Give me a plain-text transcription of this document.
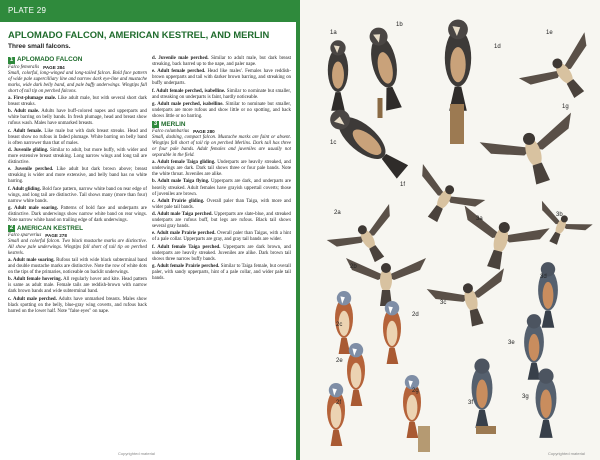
PLATE 29
APLOMADO FALCON, AMERICAN KESTREL, AND MERLIN
Three small falcons.
1 APLOMADO FALCON
Falco femoralis PAGE 284

Small, colorful, long-winged and long-tailed falcon. Bold face pattern of wide pale supercilliary line and narrow dark eye-line and mustache marks, wide dark belly band, and pale buffy underwings. Wingtips fall short of tail tip on perched falcons.

a. First-plumage male. Like adult male, but with several short dark breast streaks.

b. Adult male. Adults have buff-colored napes and upperparts and white barring on belly bands. In fresh plumage, head and breast show rufous wash. Males have unmarked breasts.

c. Adult female. Like male but with dark breast streaks. Head and breast show no rufous in faded plumage. White barring on belly band is often narrower than that of males.

d. Juvenile gliding. Similar to adult, but more buffy, with wider and more extensive breast streaking. Long narrow wings and long tail are distinctive.

e. Juvenile perched. Like adult but dark brown above; breast streaking is wider and more extensive, and belly band has no white barring.

f. Adult gliding. Bold face pattern, narrow white band on rear edge of wings, and long tail are distinctive. Tail shows many (more than four) narrow white bands.

g. Adult male soaring. Patterns of bold face and underparts are distinctive. Dark underwings show narrow white band on rear wings. Note narrow white band on trailing edge of dark underwings.

2 AMERICAN KESTREL
Falco sparverius PAGE 278

Small and colorful falcon. Two black mustache marks are distinctive. All show pale underwings. Wingtips fall short of tail tip on perched kestrels.

a. Adult male soaring. Rufous tail with wide black subterminal band and double mustache marks are distinctive. Note the row of white dots on the tips of the primaries, noticeable on backlit underwings.

b. Adult female hovering. All regularly hover and kite. Head pattern is same as adult male. Female tails are reddish-brown with narrow dark brown bands and wide subterminal band.

c. Adult male perched. Adults have unmarked breasts. Males show black spotting on the belly, blue-gray wing coverts, and rufous back barred on the lower half. Note "false eyes" on nape.

d. Juvenile male perched. Similar to adult male, but dark breast streaking, back barred up to the nape, and paler nape.

e. Adult female perched. Head like males'. Females have reddish-brown upperparts and tail with darker brown barring, and streaking on buffy underparts.

f. Adult female perched, isabelline. Similar to nominate but smaller, and streaking on underparts is faint, hardly noticeable.

g. Adult male perched, isabelline. Similar to nominate but smaller, underparts are more rufous and show little or no spotting, and back shows little or no barring.

3 MERLIN
Falco columbarius PAGE 280

Small, dashing, compact falcon. Mustache marks are faint or absent. Wingtips fall short of tail tip on perched Merlins. Dark tail has three or four pale bands. Adult females and juveniles are usually not separable in the field.

a. Adult female Taiga gliding. Underparts are heavily streaked, and underwings are dark. Dark tail shows three or four pale bands. Note the white throat. Juveniles are alike.

b. Adult male Taiga flying. Upperparts are dark, and underparts are heavily streaked. Adult females have grayish uppertail coverts; those of juveniles are brown.

c. Adult Prairie gliding. Overall paler than Taiga, with more and wider pale tail bands.

d. Adult male Taiga perched. Upperparts are slate-blue, and streaked underparts are rufous buff, but legs are rufous. Black tail shows several gray bands.

e. Adult male Prairie perched. Overall paler than Taigas, with a hint of a pale collar. Upperparts are gray, and gray tail bands are wider.

f. Adult female Taiga perched. Upperparts are dark brown, and underparts are heavily streaked. Juveniles are alike. Dark brown tail shows three narrow buffy bands.

g. Adult female Prairie perched. Similar to Taiga female, but overall paler, with sandy upperparts, hint of a pale collar, and wider pale tail bands.

Copyrighted material
1a
1b
1c
1d
1e
1f
1g
2a
2b
2c
2d
2e
2f
2g
3a
3b
3c
3d
3e
3f
3g
Copyrighted material
